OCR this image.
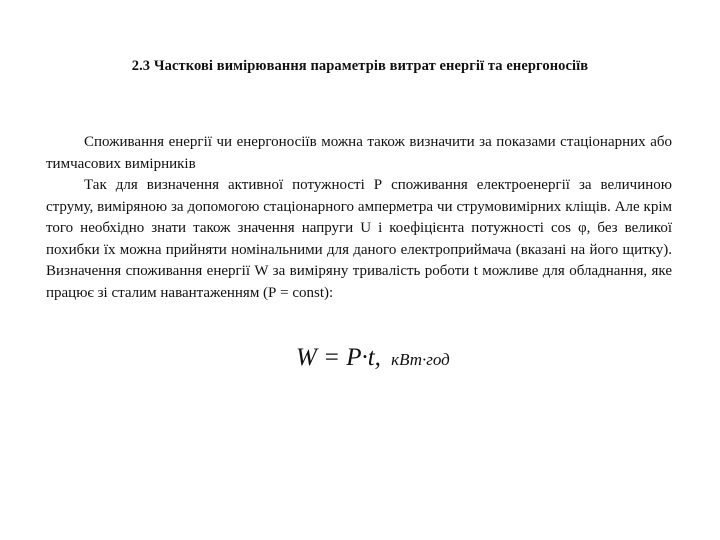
2.3 Часткові вимірювання параметрів витрат енергії та енергоносіїв

Споживання енергії чи енергоносіїв можна також визначити за показами стаціонарних або тимчасових вимірників

Так для визначення активної потужності Р споживання електроенергії за величиною струму, виміряною за допомогою стаціонарного амперметра чи струмовимірних кліщів. Але крім того необхідно знати також значення напруги U і коефіцієнта потужності cos φ, без великої похибки їх можна прийняти номінальними для даного електроприймача (вказані на його щитку). Визначення споживання енергії W за виміряну тривалість роботи t можливе для обладнання, яке працює зі сталим навантаженням (Р = const):

W = P·t, кВт·год
